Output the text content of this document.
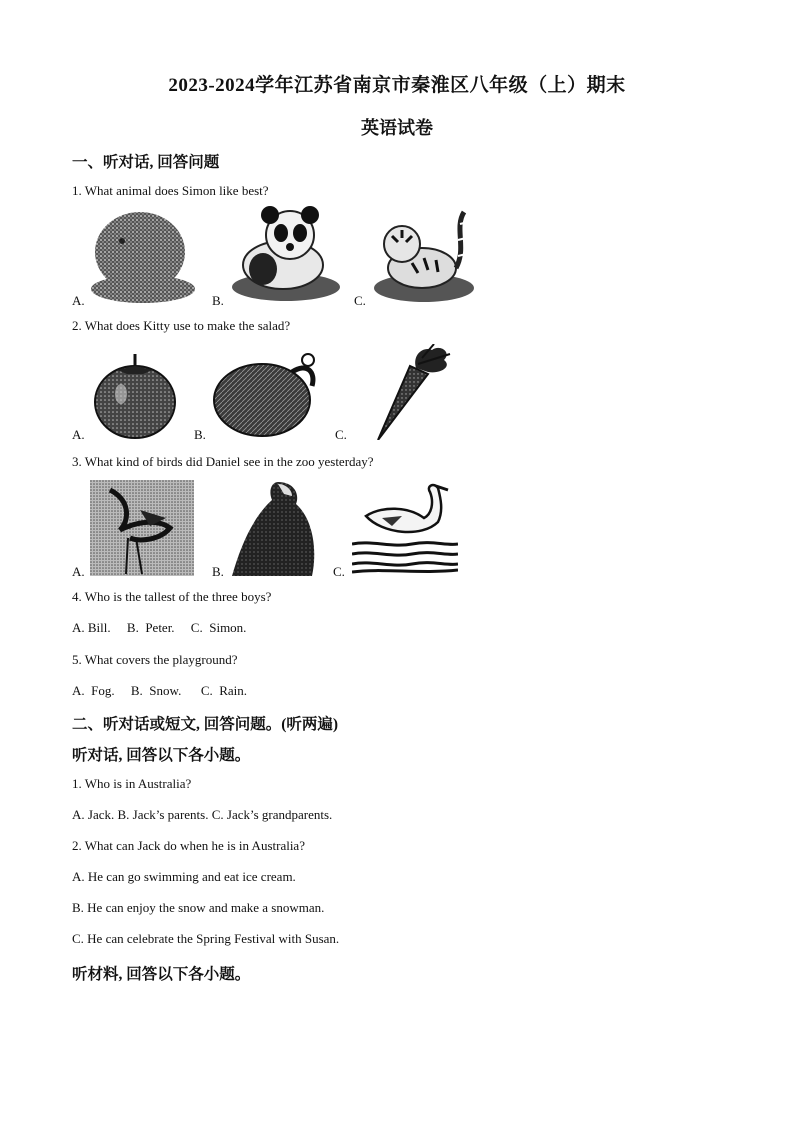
2023-2024学年江苏省南京市秦淮区八年级（上）期末
英语试卷
一、听对话, 回答问题
1. What animal does Simon like best?
A.	B.	C.
2. What does Kitty use to make the salad?
A.	B.	C.
3. What kind of birds did Daniel see in the zoo yesterday?
A.	B.	C.
4. Who is the tallest of the three boys?
A. Bill.     B.  Peter.     C.  Simon.
5. What covers the playground?
A.  Fog.     B.  Snow.      C.  Rain.
二、听对话或短文, 回答问题。(听两遍)
听对话, 回答以下各小题。
1. Who is in Australia?
A. Jack. B. Jack’s parents. C. Jack’s grandparents.
2. What can Jack do when he is in Australia?
A. He can go swimming and eat ice cream.
B. He can enjoy the snow and make a snowman.
C. He can celebrate the Spring Festival with Susan.
听材料, 回答以下各小题。
